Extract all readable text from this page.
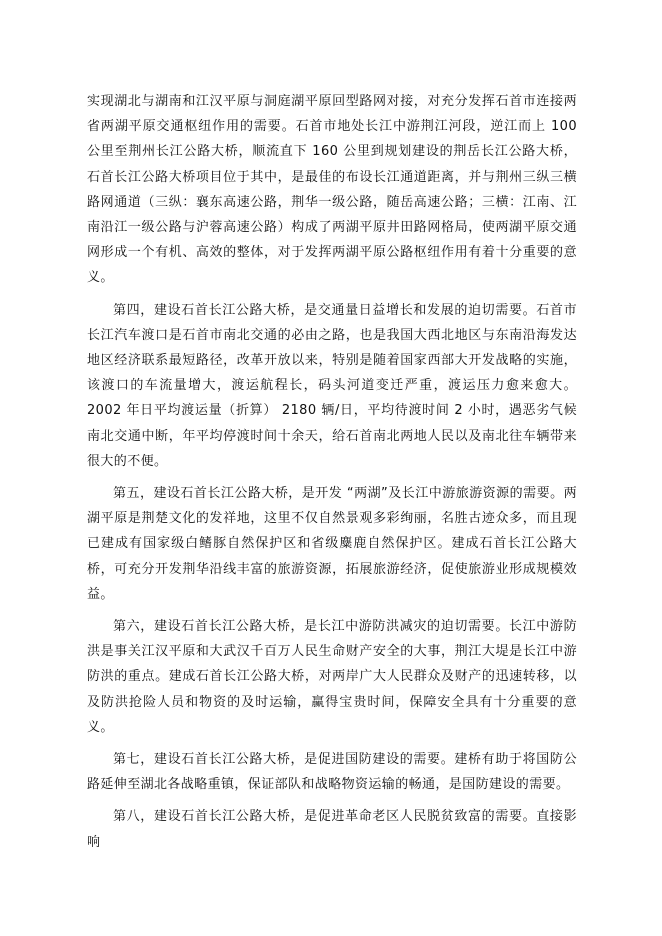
实现湖北与湖南和江汉平原与洞庭湖平原回型路网对接，对充分发挥石首市连接两省两湖平原交通枢纽作用的需要。石首市地处长江中游荆江河段，逆江而上 100 公里至荆州长江公路大桥，顺流直下 160 公里到规划建设的荆岳长江公路大桥，石首长江公路大桥项目位于其中，是最佳的布设长江通道距离，并与荆州三纵三横路网通道（三纵：襄东高速公路，荆华一级公路，随岳高速公路；三横：江南、江南沿江一级公路与沪蓉高速公路）构成了两湖平原井田路网格局，使两湖平原交通网形成一个有机、高效的整体，对于发挥两湖平原公路枢纽作用有着十分重要的意义。

第四，建设石首长江公路大桥，是交通量日益增长和发展的迫切需要。石首市长江汽车渡口是石首市南北交通的必由之路，也是我国大西北地区与东南沿海发达地区经济联系最短路径，改革开放以来，特别是随着国家西部大开发战略的实施，该渡口的车流量增大，渡运航程长，码头河道变迁严重，渡运压力愈来愈大。 2002 年日平均渡运量（折算） 2180 辆/日，平均待渡时间 2 小时，遇恶劣气候南北交通中断，年平均停渡时间十余天，给石首南北两地人民以及南北往车辆带来很大的不便。

第五，建设石首长江公路大桥，是开发 “两湖”及长江中游旅游资源的需要。两湖平原是荆楚文化的发祥地，这里不仅自然景观多彩绚丽，名胜古迹众多，而且现已建成有国家级白鳍豚自然保护区和省级麋鹿自然保护区。建成石首长江公路大桥，可充分开发荆华沿线丰富的旅游资源，拓展旅游经济，促使旅游业形成规模效益。

第六，建设石首长江公路大桥，是长江中游防洪减灾的迫切需要。长江中游防洪是事关江汉平原和大武汉千百万人民生命财产安全的大事，荆江大堤是长江中游防洪的重点。建成石首长江公路大桥，对两岸广大人民群众及财产的迅速转移，以及防洪抢险人员和物资的及时运输，赢得宝贵时间，保障安全具有十分重要的意义。

第七，建设石首长江公路大桥，是促进国防建设的需要。建桥有助于将国防公路延伸至湖北各战略重镇，保证部队和战略物资运输的畅通，是国防建设的需要。

第八，建设石首长江公路大桥，是促进革命老区人民脱贫致富的需要。直接影响
